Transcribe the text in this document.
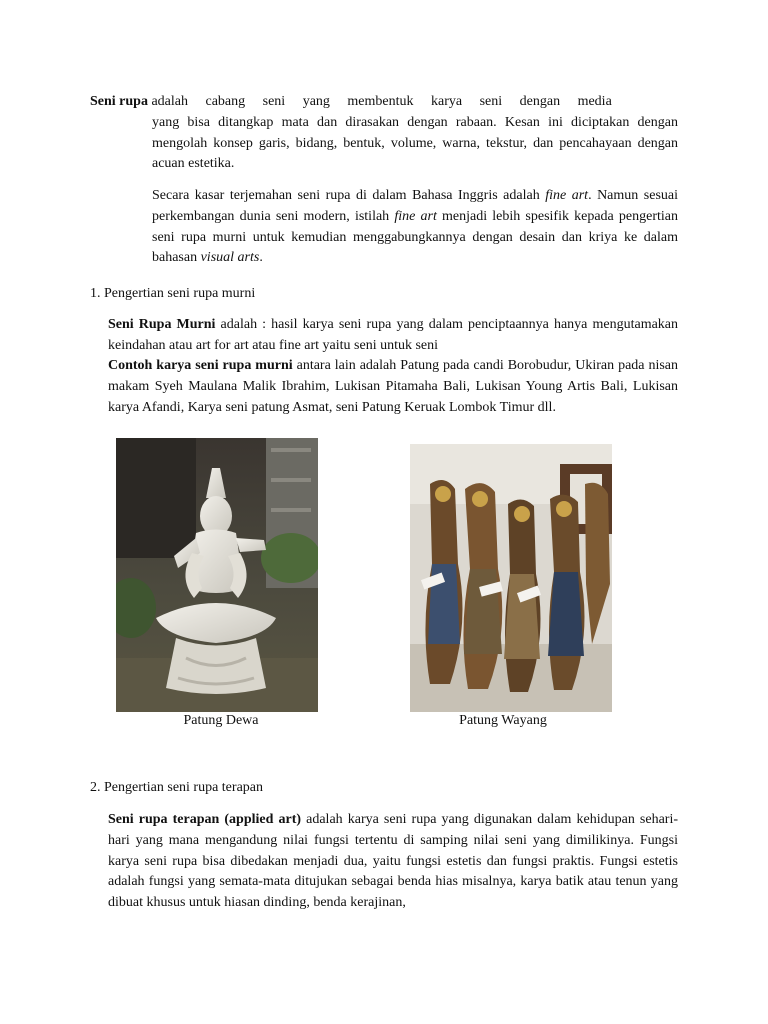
Seni rupa adalah cabang seni yang membentuk karya seni dengan media
yang bisa ditangkap mata dan dirasakan dengan rabaan. Kesan ini diciptakan dengan mengolah konsep garis, bidang, bentuk, volume, warna, tekstur, dan pencahayaan dengan acuan estetika.

Secara kasar terjemahan seni rupa di dalam Bahasa Inggris adalah fine art. Namun sesuai perkembangan dunia seni modern, istilah fine art menjadi lebih spesifik kepada pengertian seni rupa murni untuk kemudian menggabungkannya dengan desain dan kriya ke dalam bahasan visual arts.

1. Pengertian seni rupa murni

Seni Rupa Murni adalah : hasil karya seni rupa yang dalam penciptaannya hanya mengutamakan keindahan atau art for art atau fine art yaitu seni untuk seni

Contoh karya seni rupa murni antara lain adalah Patung pada candi Borobudur, Ukiran pada nisan makam Syeh Maulana Malik Ibrahim, Lukisan Pitamaha Bali, Lukisan Young Artis Bali, Lukisan karya Afandi, Karya seni patung Asmat, seni Patung Keruak Lombok Timur dll.

Patung Dewa	Patung Wayang

2. Pengertian seni rupa terapan

Seni rupa terapan (applied art) adalah karya seni rupa yang digunakan dalam kehidupan sehari-hari yang mana mengandung nilai fungsi tertentu di samping nilai seni yang dimilikinya. Fungsi karya seni rupa bisa dibedakan menjadi dua, yaitu fungsi estetis dan fungsi praktis. Fungsi estetis adalah fungsi yang semata-mata ditujukan sebagai benda hias misalnya, karya batik atau tenun yang dibuat khusus untuk hiasan dinding, benda kerajinan,
